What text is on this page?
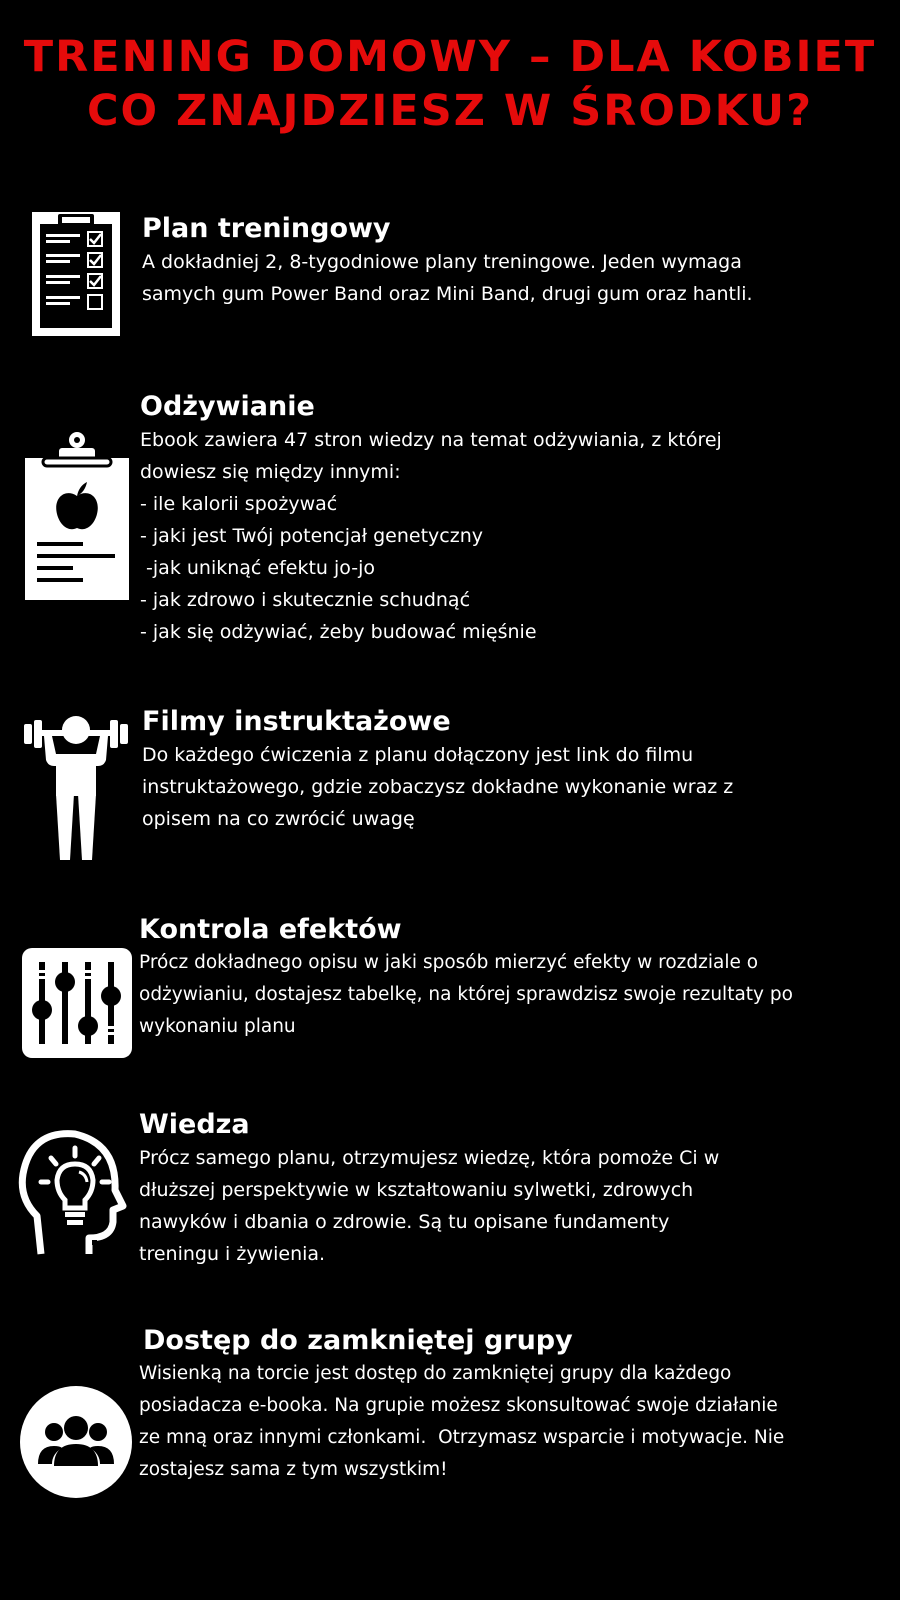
TRENING DOMOWY – DLA KOBIET
CO ZNAJDZIESZ W ŚRODKU?
Plan treningowy
A dokładniej 2, 8-tygodniowe plany treningowe. Jeden wymaga
samych gum Power Band oraz Mini Band, drugi gum oraz hantli.
Odżywianie
Ebook zawiera 47 stron wiedzy na temat odżywiania, z której
dowiesz się między innymi:
- ile kalorii spożywać
- jaki jest Twój potencjał genetyczny
-jak uniknąć efektu jo-jo
- jak zdrowo i skutecznie schudnąć
- jak się odżywiać, żeby budować mięśnie
Filmy instruktażowe
Do każdego ćwiczenia z planu dołączony jest link do filmu
instruktażowego, gdzie zobaczysz dokładne wykonanie wraz z
opisem na co zwrócić uwagę
Kontrola efektów
Prócz dokładnego opisu w jaki sposób mierzyć efekty w rozdziale o
odżywianiu, dostajesz tabelkę, na której sprawdzisz swoje rezultaty po
wykonaniu planu
Wiedza
Prócz samego planu, otrzymujesz wiedzę, która pomoże Ci w
dłuższej perspektywie w kształtowaniu sylwetki, zdrowych
nawyków i dbania o zdrowie. Są tu opisane fundamenty
treningu i żywienia.
Dostęp do zamkniętej grupy
Wisienką na torcie jest dostęp do zamkniętej grupy dla każdego
posiadacza e-booka. Na grupie możesz skonsultować swoje działanie
ze mną oraz innymi członkami.  Otrzymasz wsparcie i motywacje. Nie
zostajesz sama z tym wszystkim!
